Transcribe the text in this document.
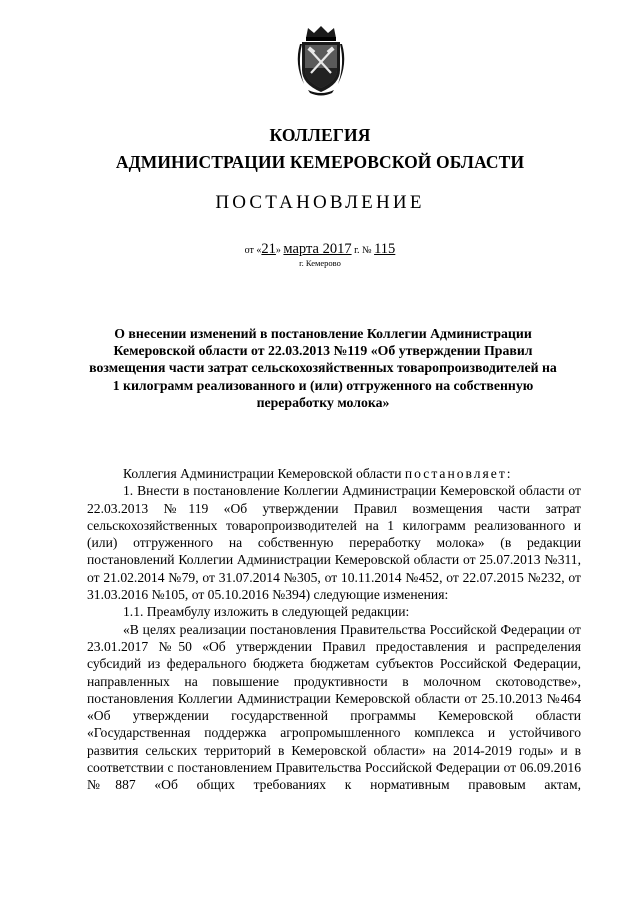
КОЛЛЕГИЯ
АДМИНИСТРАЦИИ КЕМЕРОВСКОЙ ОБЛАСТИ
ПОСТАНОВЛЕНИЕ
от «21» марта 2017 г. № 115
г. Кемерово
О внесении изменений в постановление Коллегии Администрации Кемеровской области от 22.03.2013 №119 «Об утверждении Правил возмещения части затрат сельскохозяйственных товаропроизводителей на 1 килограмм реализованного и (или) отгруженного на собственную переработку молока»

Коллегия Администрации Кемеровской области постановляет:

1. Внести в постановление Коллегии Администрации Кемеровской области от 22.03.2013 №119 «Об утверждении Правил возмещения части затрат сельскохозяйственных товаропроизводителей на 1 килограмм реализованного и (или) отгруженного на собственную переработку молока» (в редакции постановлений Коллегии Администрации Кемеровской области от 25.07.2013 №311, от 21.02.2014 №79, от 31.07.2014 №305, от 10.11.2014 №452, от 22.07.2015 №232, от 31.03.2016 №105, от 05.10.2016 №394) следующие изменения:

1.1. Преамбулу изложить в следующей редакции:

«В целях реализации постановления Правительства Российской Федерации от 23.01.2017 №50 «Об утверждении Правил предоставления и распределения субсидий из федерального бюджета бюджетам субъектов Российской Федерации, направленных на повышение продуктивности в молочном скотоводстве», постановления Коллегии Администрации Кемеровской области от 25.10.2013 №464 «Об утверждении государственной программы Кемеровской области «Государственная поддержка агропромышленного комплекса и устойчивого развития сельских территорий в Кемеровской области» на 2014-2019 годы» и в соответствии с постановлением Правительства Российской Федерации от 06.09.2016 №887 «Об общих требованиях к нормативным правовым актам,
